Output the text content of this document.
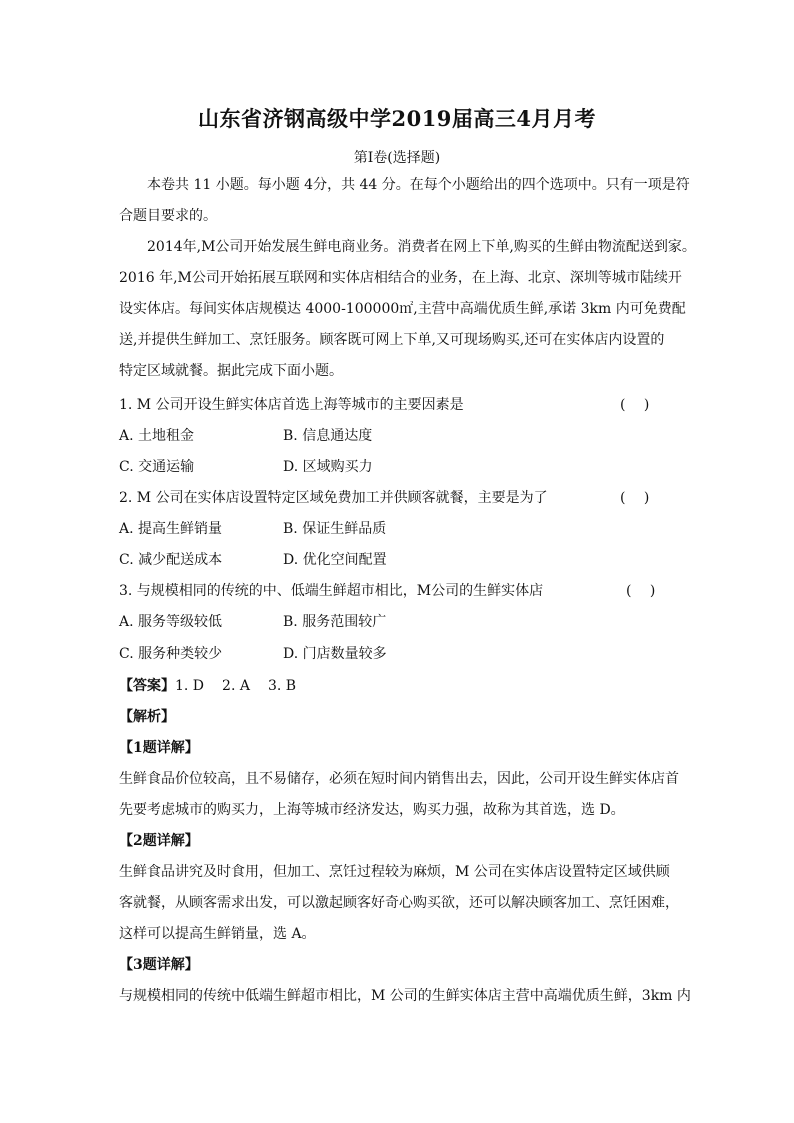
山东省济钢高级中学2019届高三4月月考
第Ⅰ卷(选择题)
本卷共 11 小题。每小题 4分，共 44 分。在每个小题给出的四个选项中。只有一项是符
合题目要求的。
2014年,M公司开始发展生鲜电商业务。消费者在网上下单,购买的生鲜由物流配送到家。
2016 年,M公司开始拓展互联网和实体店相结合的业务，在上海、北京、深圳等城市陆续开
设实体店。每间实体店规模达 4000-100000㎡,主营中高端优质生鲜,承诺 3km 内可免费配
送,并提供生鲜加工、烹饪服务。顾客既可网上下单,又可现场购买,还可在实体店内设置的
特定区域就餐。据此完成下面小题。
1. M 公司开设生鲜实体店首选上海等城市的主要因素是	(　 )
A. 土地租金	B. 信息通达度
C. 交通运输	D. 区域购买力
2. M 公司在实体店设置特定区域免费加工并供顾客就餐，主要是为了	(　 )
A. 提高生鲜销量	B. 保证生鲜品质
C. 减少配送成本	D. 优化空间配置
3. 与规模相同的传统的中、低端生鲜超市相比，M公司的生鲜实体店	(　 )
A. 服务等级较低	B. 服务范围较广
C. 服务种类较少	D. 门店数量较多
【答案】1. D 2. A 3. B
【解析】
【1题详解】
生鲜食品价位较高，且不易储存，必须在短时间内销售出去，因此，公司开设生鲜实体店首
先要考虑城市的购买力，上海等城市经济发达，购买力强，故称为其首选，选 D。
【2题详解】
生鲜食品讲究及时食用，但加工、烹饪过程较为麻烦，M 公司在实体店设置特定区域供顾
客就餐，从顾客需求出发，可以激起顾客好奇心购买欲，还可以解决顾客加工、烹饪困难，
这样可以提高生鲜销量，选 A。
【3题详解】
与规模相同的传统中低端生鲜超市相比，M 公司的生鲜实体店主营中高端优质生鲜，3km 内
